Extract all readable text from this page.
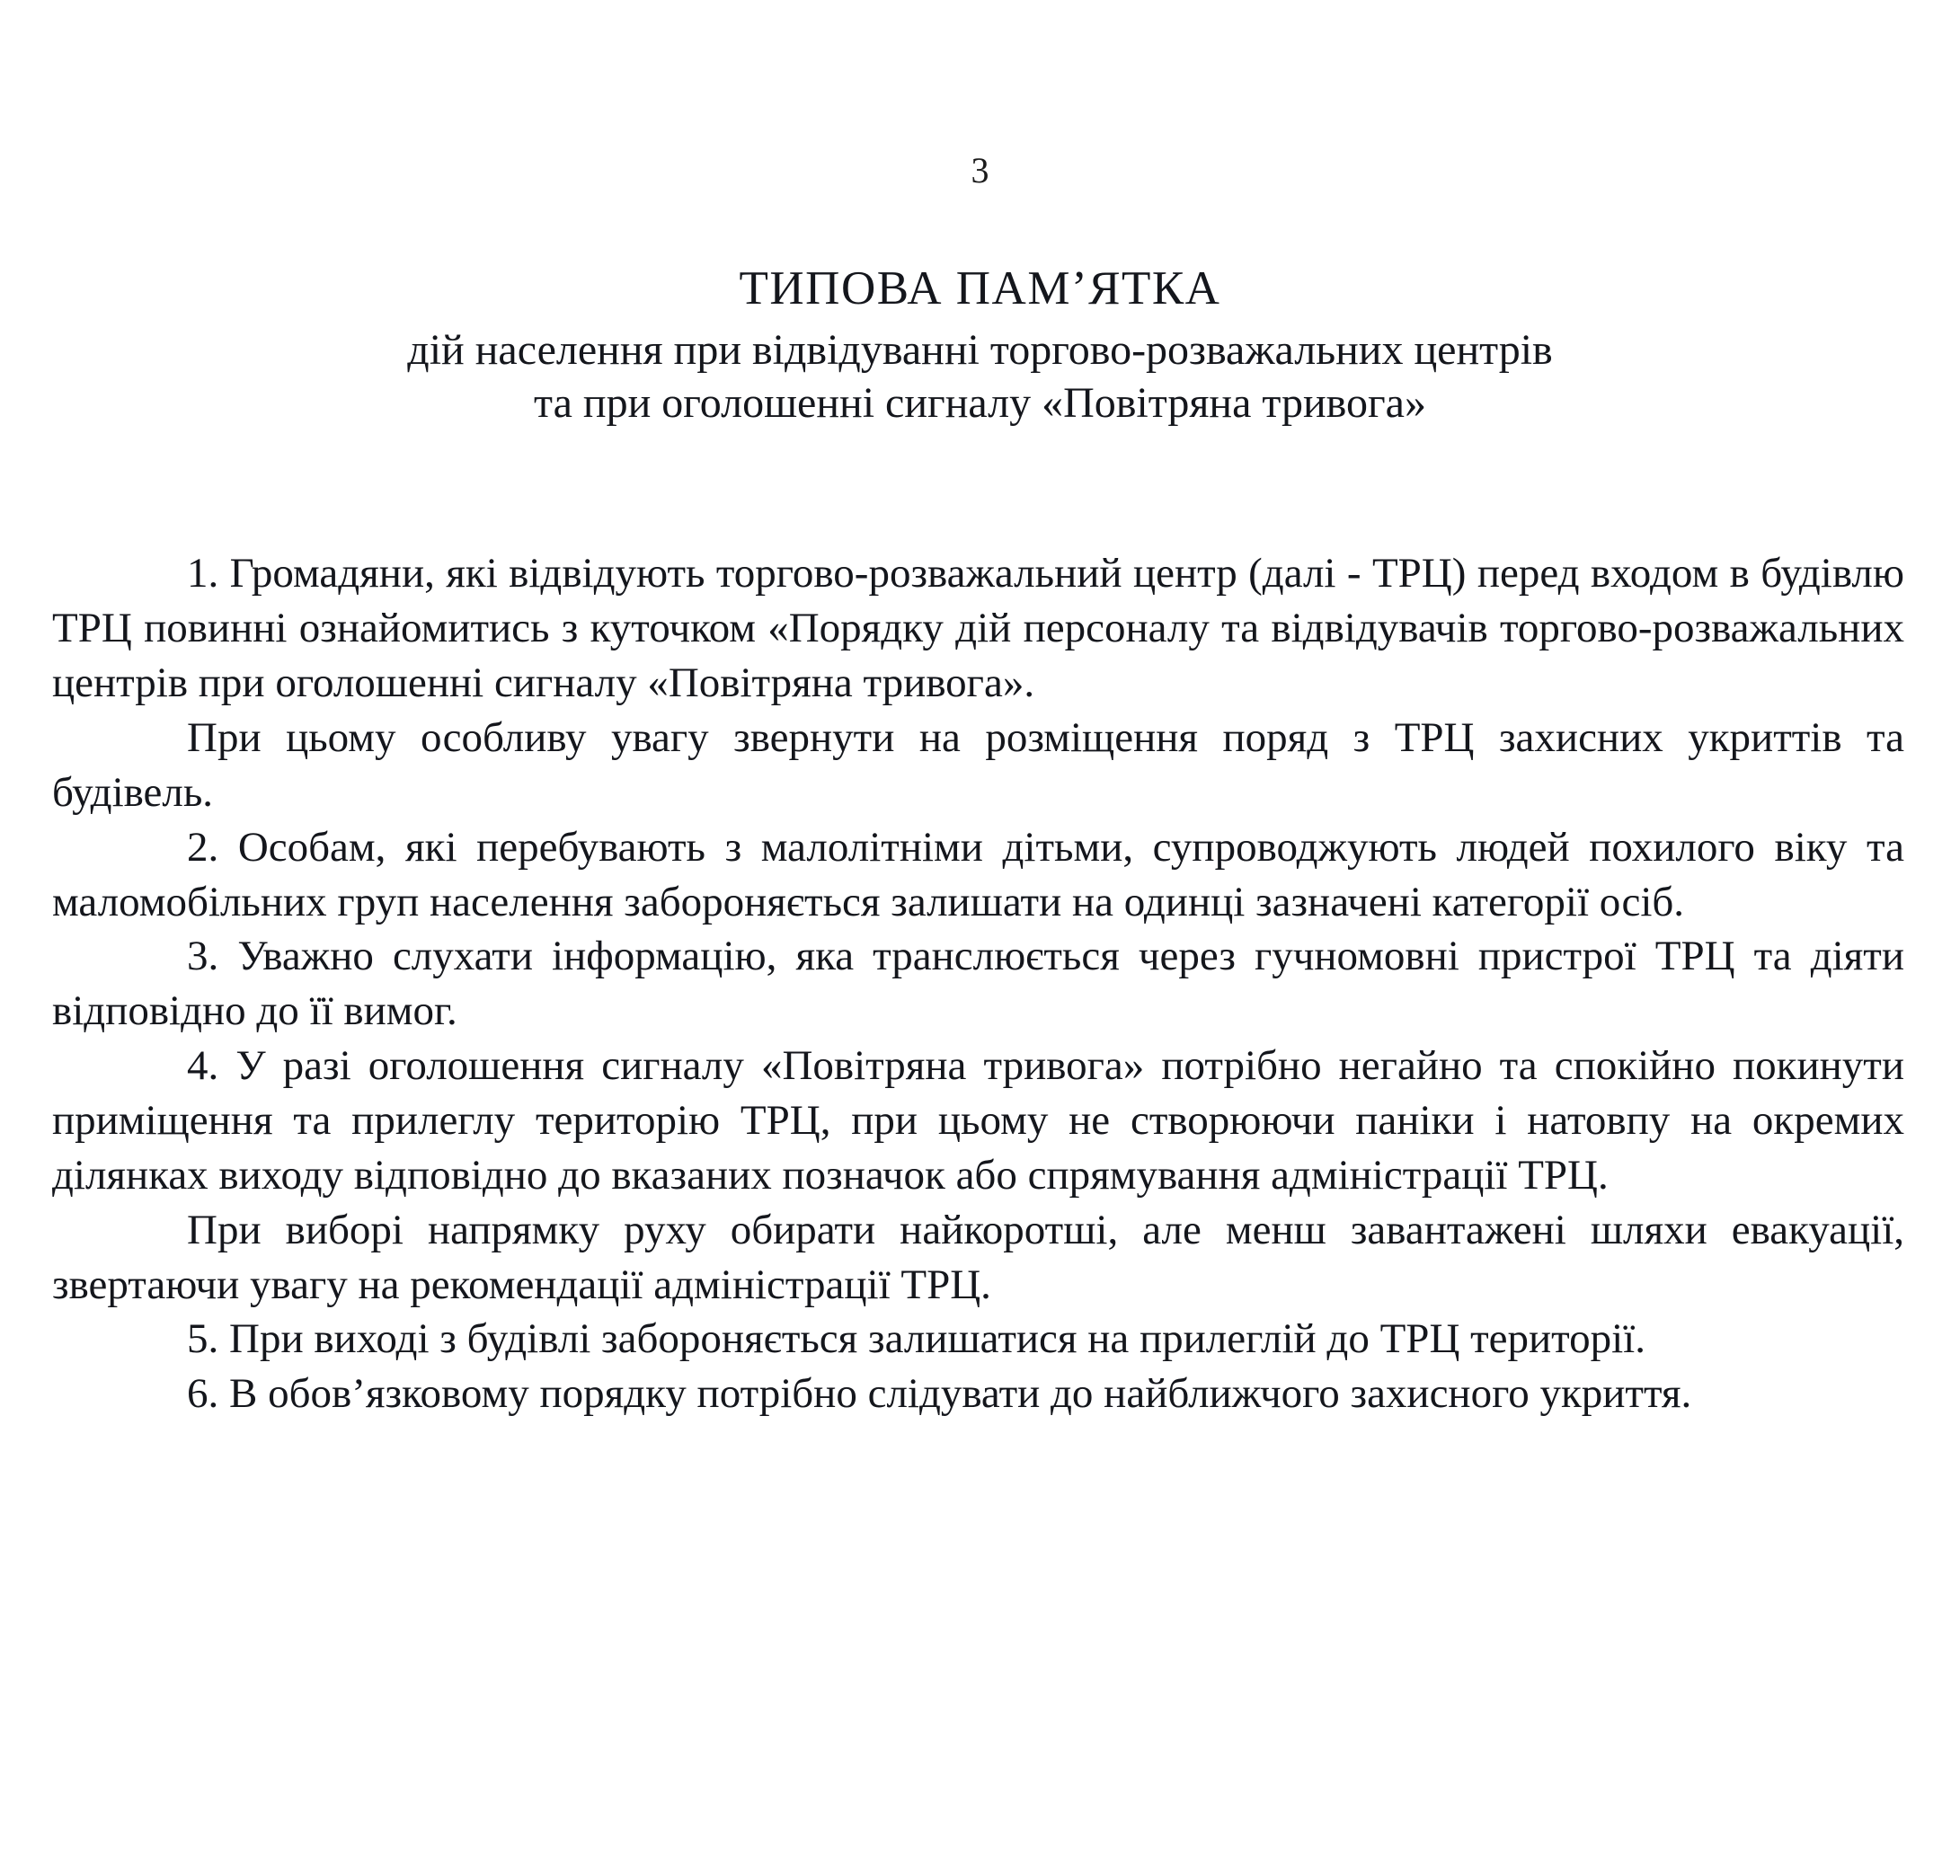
3
ТИПОВА ПАМ’ЯТКА
дій населення при відвідуванні торгово-розважальних центрів
та при оголошенні сигналу «Повітряна тривога»

1. Громадяни, які відвідують торгово-розважальний центр (далі - ТРЦ) перед входом в будівлю ТРЦ повинні ознайомитись з куточком «Порядку дій персоналу та відвідувачів торгово-розважальних центрів при оголошенні сигналу «Повітряна тривога».

При цьому особливу увагу звернути на розміщення поряд з ТРЦ захисних укриттів та будівель.

2. Особам, які перебувають з малолітніми дітьми, супроводжують людей похилого віку та маломобільних груп населення забороняється залишати на одинці зазначені категорії осіб.

3. Уважно слухати інформацію, яка транслюється через гучномовні пристрої ТРЦ та діяти відповідно до її вимог.

4. У разі оголошення сигналу «Повітряна тривога» потрібно негайно та спокійно покинути приміщення та прилеглу територію ТРЦ, при цьому не створюючи паніки і натовпу на окремих ділянках виходу відповідно до вказаних позначок або спрямування адміністрації ТРЦ.

При виборі напрямку руху обирати найкоротші, але менш завантажені шляхи евакуації, звертаючи увагу на рекомендації адміністрації ТРЦ.

5. При виході з будівлі забороняється залишатися на прилеглій до ТРЦ території.

6. В обов’язковому порядку потрібно слідувати до найближчого захисного укриття.
